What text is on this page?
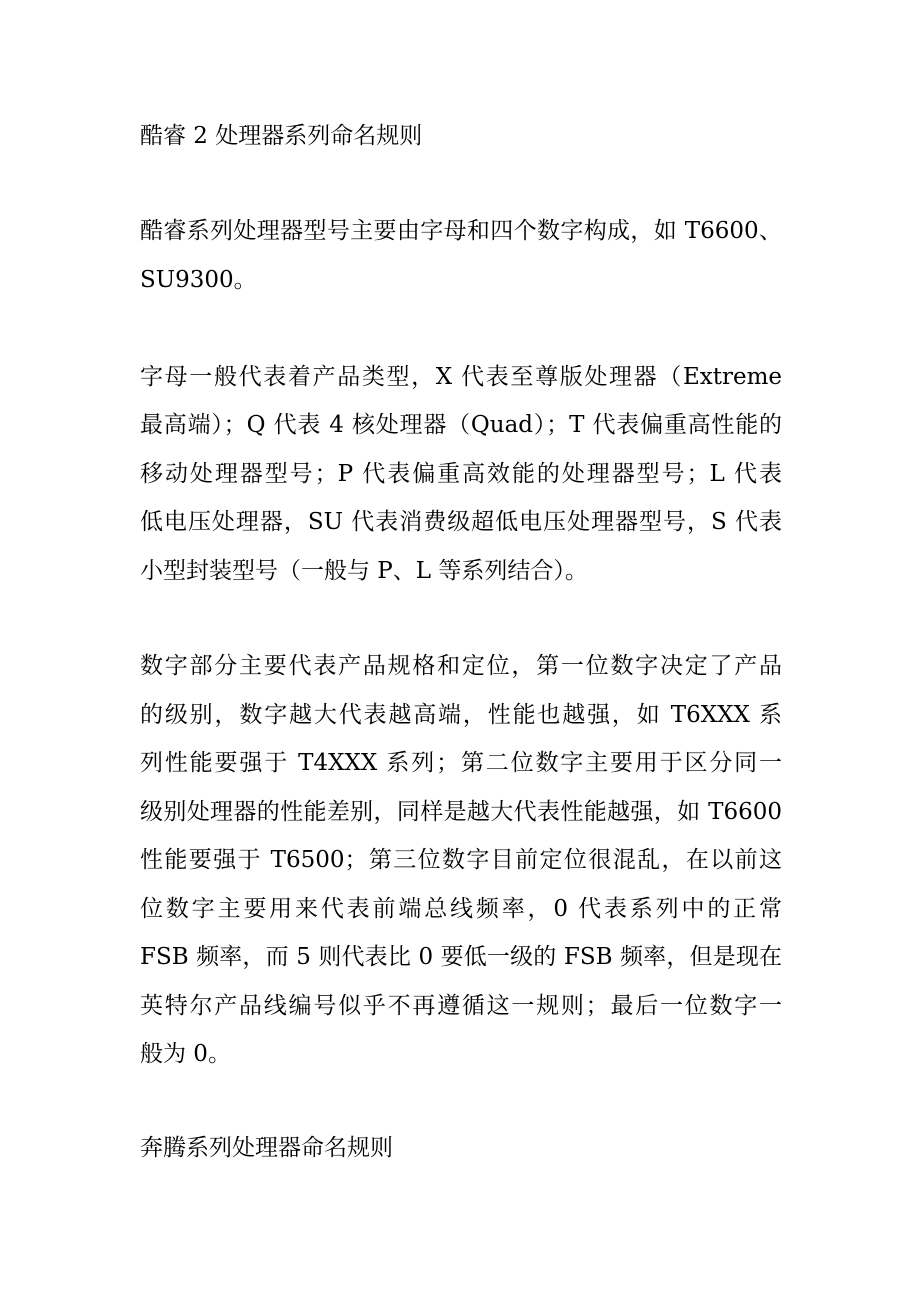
酷睿 2 处理器系列命名规则
酷睿系列处理器型号主要由字母和四个数字构成，如 T6600、
SU9300。
字母一般代表着产品类型，X 代表至尊版处理器（Extreme
最高端）；Q 代表 4 核处理器（Quad）；T 代表偏重高性能的
移动处理器型号；P 代表偏重高效能的处理器型号；L 代表
低电压处理器，SU 代表消费级超低电压处理器型号，S 代表
小型封装型号（一般与 P、L 等系列结合）。
数字部分主要代表产品规格和定位，第一位数字决定了产品
的级别，数字越大代表越高端，性能也越强，如 T6XXX 系
列性能要强于 T4XXX 系列；第二位数字主要用于区分同一
级别处理器的性能差别，同样是越大代表性能越强，如 T6600
性能要强于 T6500；第三位数字目前定位很混乱，在以前这
位数字主要用来代表前端总线频率，0 代表系列中的正常
FSB 频率，而 5 则代表比 0 要低一级的 FSB 频率，但是现在
英特尔产品线编号似乎不再遵循这一规则；最后一位数字一
般为 0。
奔腾系列处理器命名规则
